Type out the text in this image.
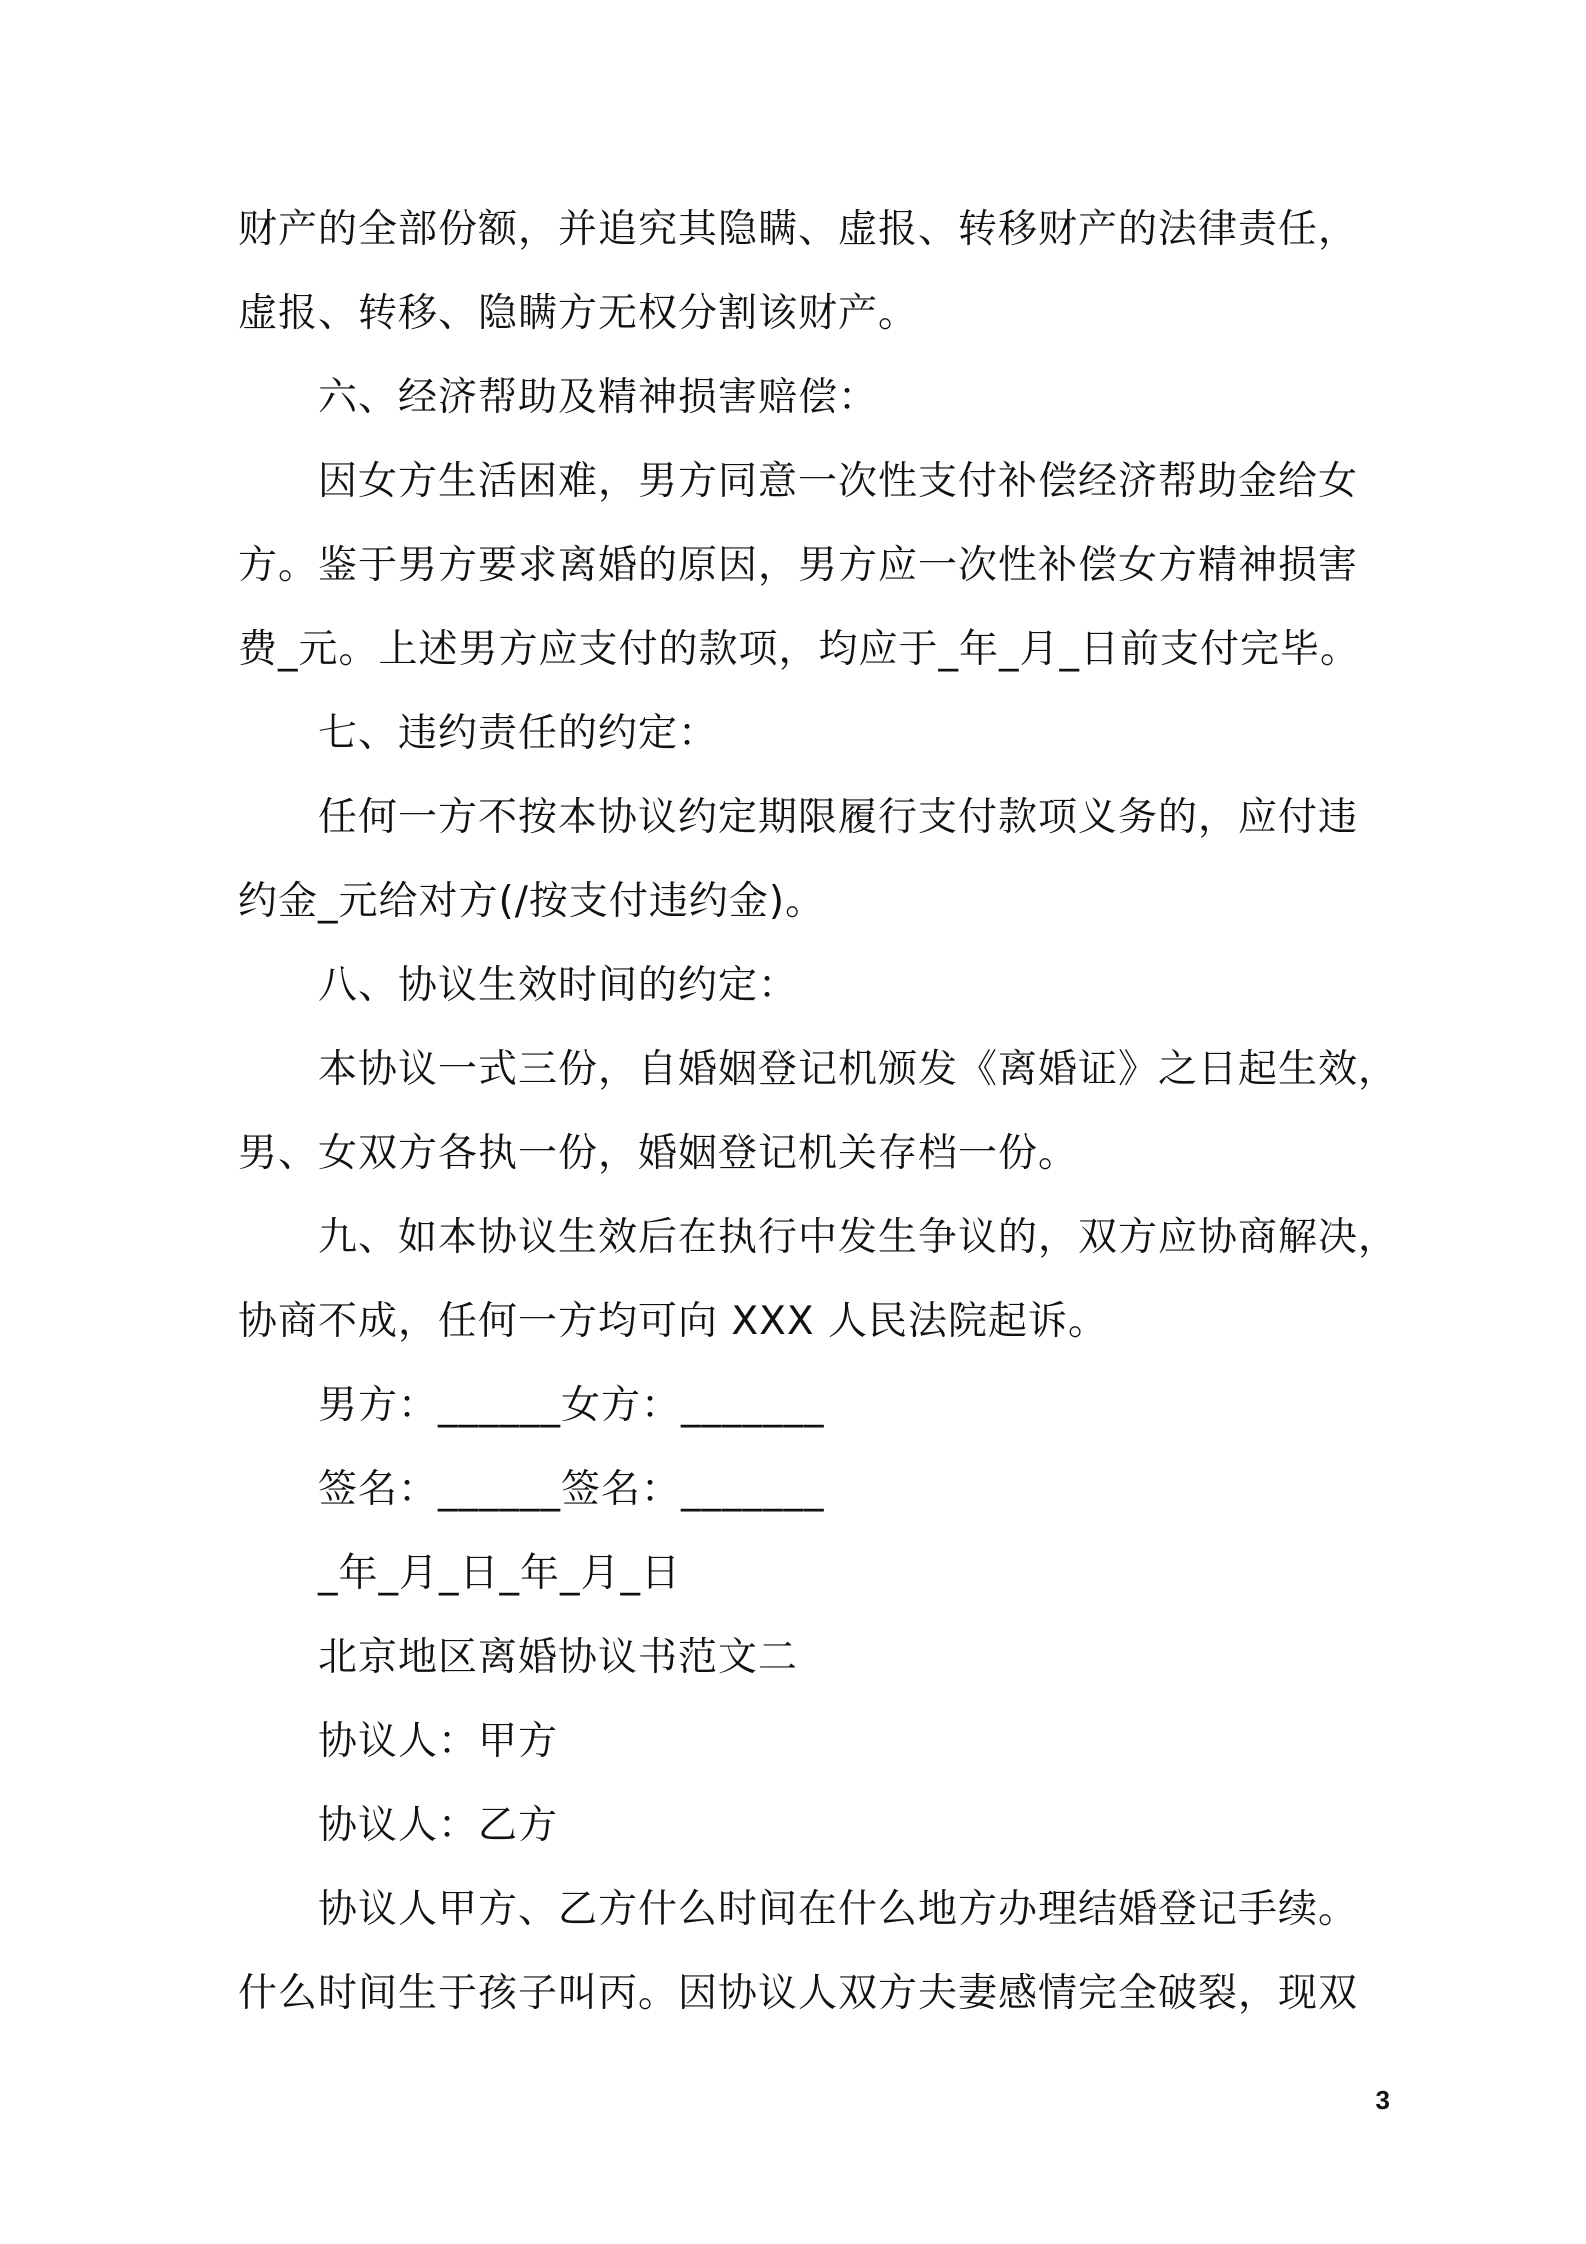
财产的全部份额，并追究其隐瞒、虚报、转移财产的法律责任，
虚报、转移、隐瞒方无权分割该财产。
六、经济帮助及精神损害赔偿：
因女方生活困难，男方同意一次性支付补偿经济帮助金给女
方。鉴于男方要求离婚的原因，男方应一次性补偿女方精神损害
费_元。上述男方应支付的款项，均应于_年_月_日前支付完毕。
七、违约责任的约定：
任何一方不按本协议约定期限履行支付款项义务的，应付违
约金_元给对方(/按支付违约金)。
八、协议生效时间的约定：
本协议一式三份，自婚姻登记机颁发《离婚证》之日起生效，
男、女双方各执一份，婚姻登记机关存档一份。
九、如本协议生效后在执行中发生争议的，双方应协商解决，
协商不成，任何一方均可向 XXX 人民法院起诉。
男方：______女方：_______
签名：______签名：_______
_年_月_日_年_月_日
北京地区离婚协议书范文二
协议人：甲方
协议人：乙方
协议人甲方、乙方什么时间在什么地方办理结婚登记手续。
什么时间生于孩子叫丙。因协议人双方夫妻感情完全破裂，现双
3
